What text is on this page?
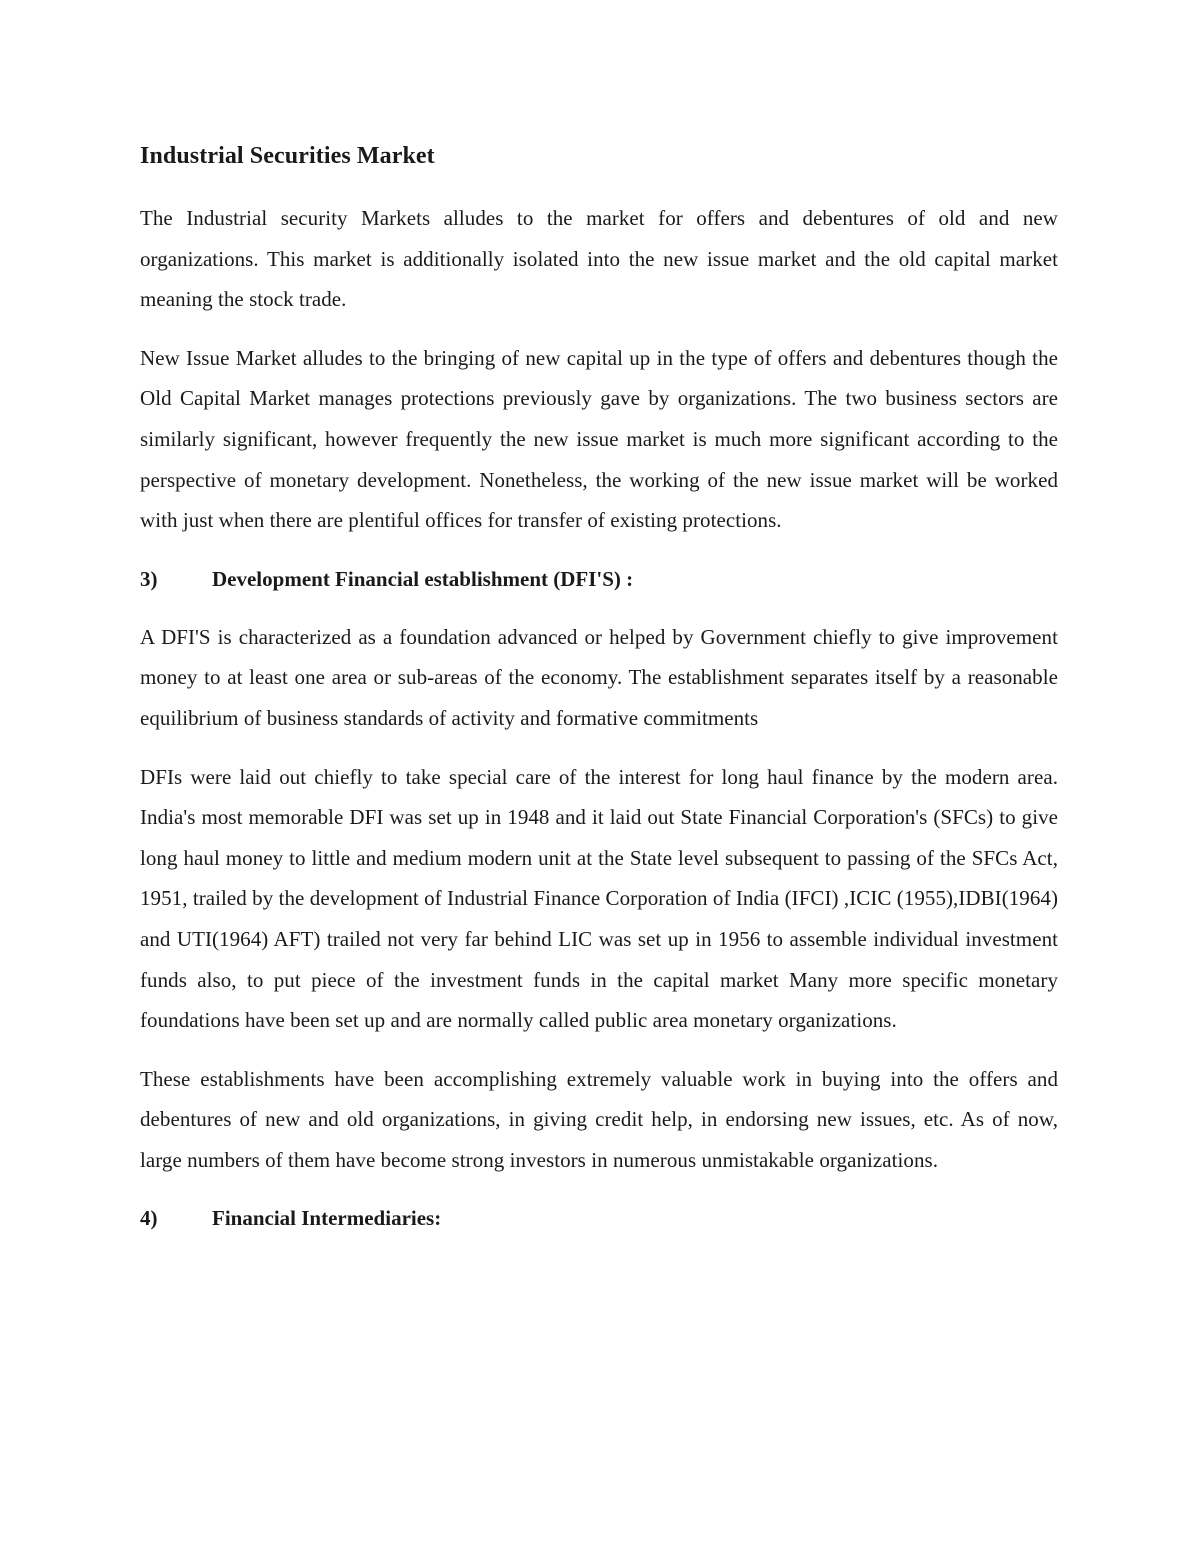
Industrial Securities Market

The Industrial security Markets alludes to the market for offers and debentures of old and new organizations. This market is additionally isolated into the new issue market and the old capital market meaning the stock trade.

New Issue Market alludes to the bringing of new capital up in the type of offers and debentures though the Old Capital Market manages protections previously gave by organizations. The two business sectors are similarly significant, however frequently the new issue market is much more significant according to the perspective of monetary development. Nonetheless, the working of the new issue market will be worked with just when there are plentiful offices for transfer of existing protections.

3)	Development Financial establishment (DFI'S) :

A DFI'S is characterized as a foundation advanced or helped by Government chiefly to give improvement money to at least one area or sub-areas of the economy. The establishment separates itself by a reasonable equilibrium of business standards of activity and formative commitments

DFIs were laid out chiefly to take special care of the interest for long haul finance by the modern area. India's most memorable DFI was set up in 1948 and it laid out State Financial Corporation's (SFCs) to give long haul money to little and medium modern unit at the State level subsequent to passing of the SFCs Act, 1951, trailed by the development of Industrial Finance Corporation of India (IFCI) ,ICIC (1955),IDBI(1964) and UTI(1964) AFT) trailed not very far behind LIC was set up in 1956 to assemble individual investment funds also, to put piece of the investment funds in the capital market Many more specific monetary foundations have been set up and are normally called public area monetary organizations.

These establishments have been accomplishing extremely valuable work in buying into the offers and debentures of new and old organizations, in giving credit help, in endorsing new issues, etc. As of now, large numbers of them have become strong investors in numerous unmistakable organizations.

4)	Financial Intermediaries:
